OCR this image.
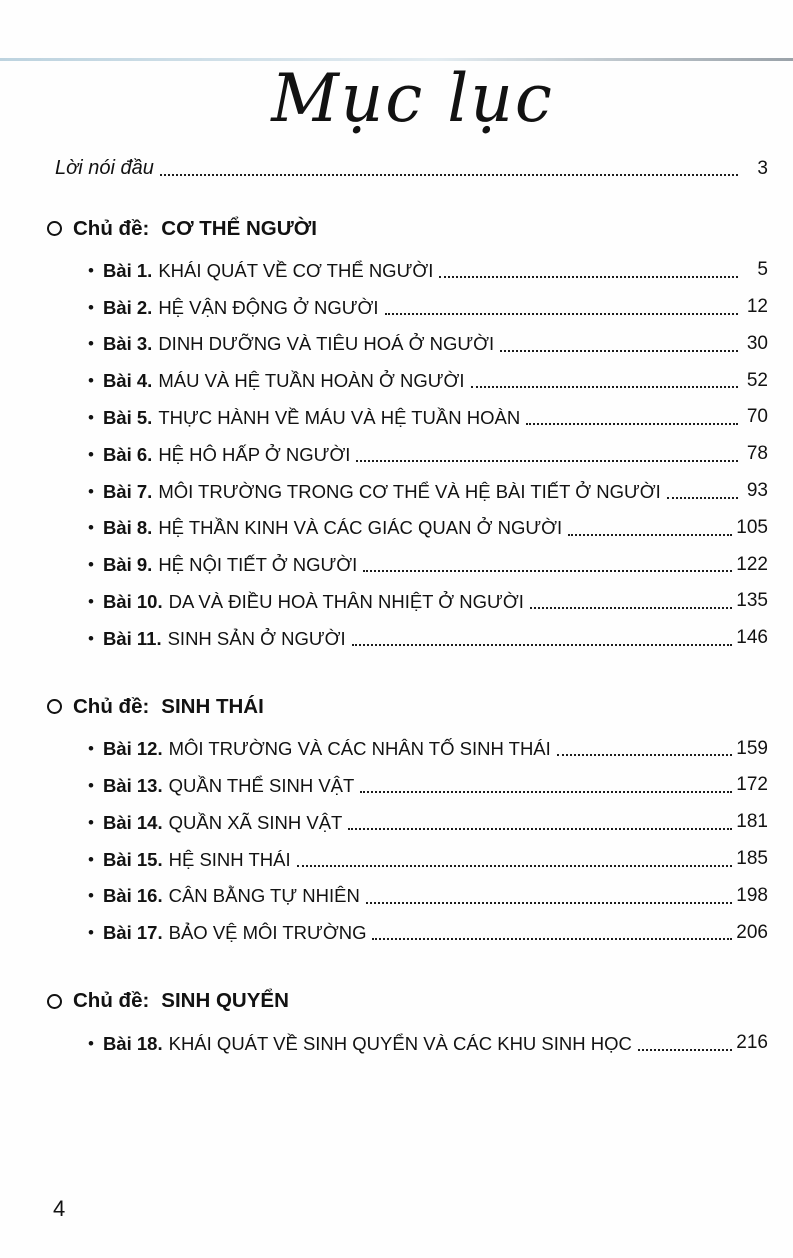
Mục lục
Lời nói đầu	3
Chủ đề: CƠ THỂ NGƯỜI
• Bài 1. KHÁI QUÁT VỀ CƠ THỂ NGƯỜI	5
• Bài 2. HỆ VẬN ĐỘNG Ở NGƯỜI	12
• Bài 3. DINH DƯỠNG VÀ TIÊU HOÁ Ở NGƯỜI	30
• Bài 4. MÁU VÀ HỆ TUẦN HOÀN Ở NGƯỜI	52
• Bài 5. THỰC HÀNH VỀ MÁU VÀ HỆ TUẦN HOÀN	70
• Bài 6. HỆ HÔ HẤP Ở NGƯỜI	78
• Bài 7. MÔI TRƯỜNG TRONG CƠ THỂ VÀ HỆ BÀI TIẾT Ở NGƯỜI	93
• Bài 8. HỆ THẦN KINH VÀ CÁC GIÁC QUAN Ở NGƯỜI	105
• Bài 9. HỆ NỘI TIẾT Ở NGƯỜI	122
• Bài 10. DA VÀ ĐIỀU HOÀ THÂN NHIỆT Ở NGƯỜI	135
• Bài 11. SINH SẢN Ở NGƯỜI	146
Chủ đề: SINH THÁI
• Bài 12. MÔI TRƯỜNG VÀ CÁC NHÂN TỐ SINH THÁI	159
• Bài 13. QUẦN THỂ SINH VẬT	172
• Bài 14. QUẦN XÃ SINH VẬT	181
• Bài 15. HỆ SINH THÁI	185
• Bài 16. CÂN BẰNG TỰ NHIÊN	198
• Bài 17. BẢO VỆ MÔI TRƯỜNG	206
Chủ đề: SINH QUYỂN
• Bài 18. KHÁI QUÁT VỀ SINH QUYỂN VÀ CÁC KHU SINH HỌC	216
4
